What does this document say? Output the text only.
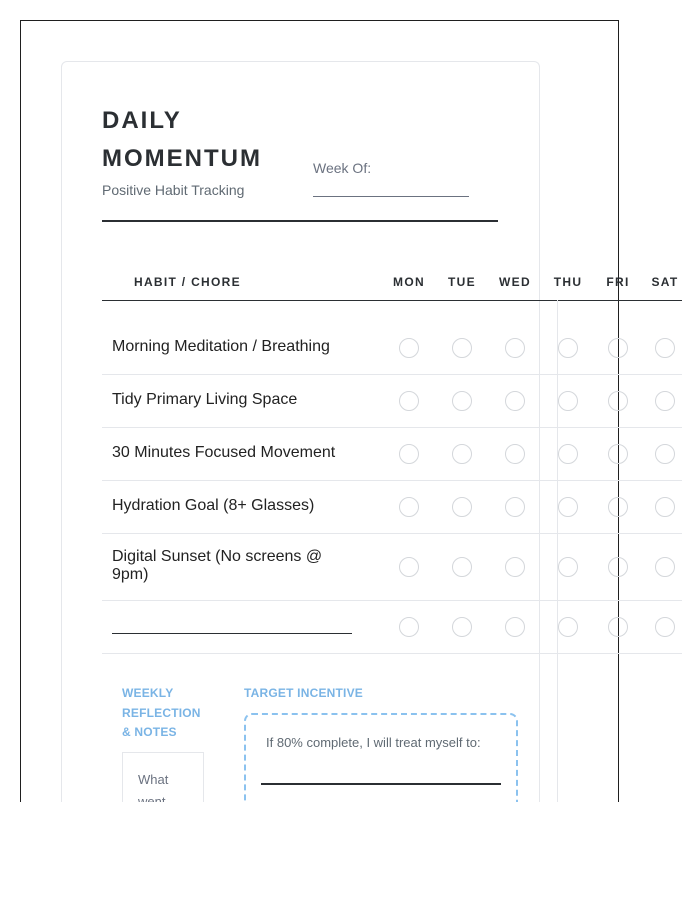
DAILY MOMENTUM
Positive Habit Tracking
Week Of:
HABIT / CHORE	MON	TUE	WED	THU	FRI	SAT
Morning Meditation / Breathing
Tidy Primary Living Space
30 Minutes Focused Movement
Hydration Goal (8+ Glasses)
Digital Sunset (No screens @ 9pm)
WEEKLY REFLECTION & NOTES
What
TARGET INCENTIVE
If 80% complete, I will treat myself to:
